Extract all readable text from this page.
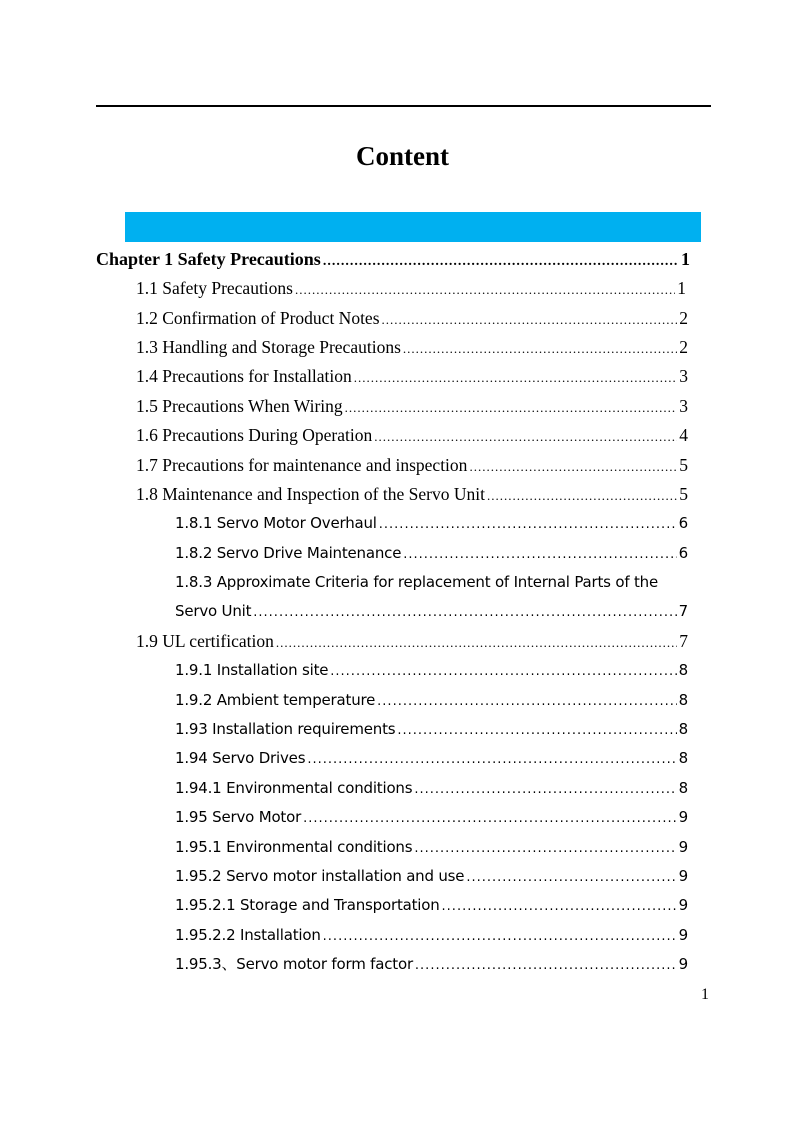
Content
Chapter 1 Safety Precautions .....	1
1.1 Safety Precautions .....	1
1.2 Confirmation of Product Notes .....	2
1.3 Handling and Storage Precautions .....	2
1.4 Precautions for Installation .....	3
1.5 Precautions When Wiring .....	3
1.6 Precautions During Operation .....	4
1.7 Precautions for maintenance and inspection .....	5
1.8 Maintenance and Inspection of the Servo Unit .....	5
1.8.1 Servo Motor Overhaul .....	6
1.8.2 Servo Drive Maintenance .....	6
1.8.3 Approximate Criteria for replacement of Internal Parts of the
Servo Unit .....	7
1.9 UL certification .....	7
1.9.1 Installation site .....	8
1.9.2 Ambient temperature .....	8
1.93 Installation requirements .....	8
1.94 Servo Drives .....	8
1.94.1 Environmental conditions .....	8
1.95 Servo Motor .....	9
1.95.1 Environmental conditions .....	9
1.95.2 Servo motor installation and use .....	9
1.95.2.1 Storage and Transportation .....	9
1.95.2.2 Installation .....	9
1.95.3、Servo motor form factor .....	9
1
